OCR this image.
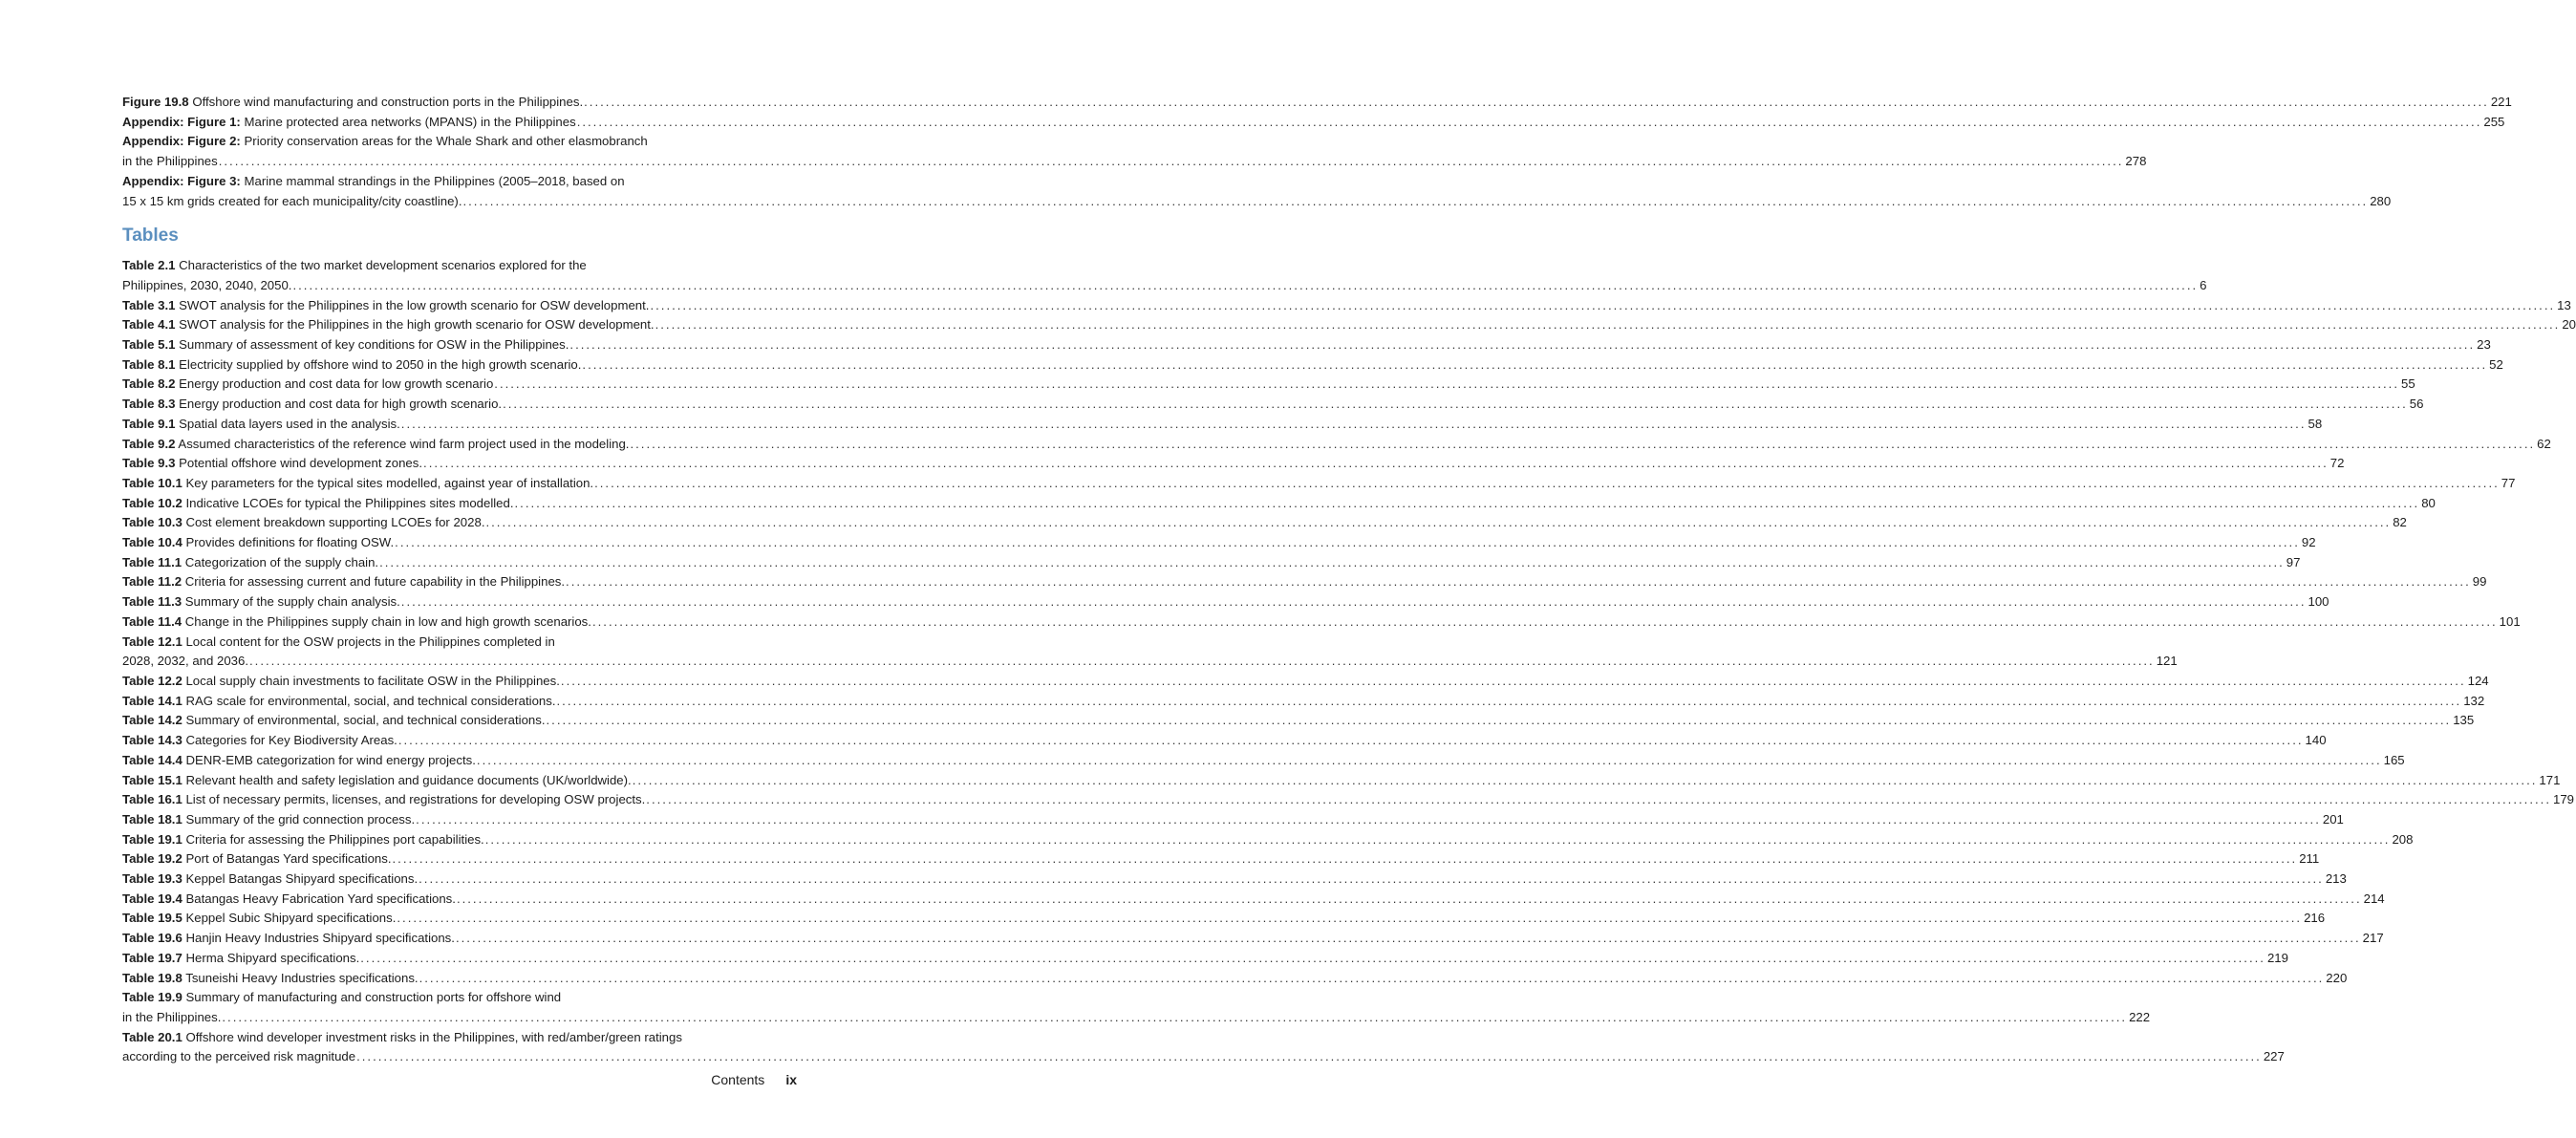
Figure 19.8 Offshore wind manufacturing and construction ports in the Philippines. .....	221
Appendix: Figure 1: Marine protected area networks (MPANS) in the Philippines .....	255
Appendix: Figure 2: Priority conservation areas for the Whale Shark and other elasmobranch
in the Philippines .....	278
Appendix: Figure 3: Marine mammal strandings in the Philippines (2005–2018, based on
15 x 15 km grids created for each municipality/city coastline). .....	280
Tables
Table 2.1 Characteristics of the two market development scenarios explored for the
Philippines, 2030, 2040, 2050. .....	6
Table 3.1 SWOT analysis for the Philippines in the low growth scenario for OSW development. .....	13
Table 4.1 SWOT analysis for the Philippines in the high growth scenario for OSW development. .....	20
Table 5.1 Summary of assessment of key conditions for OSW in the Philippines. .....	23
Table 8.1 Electricity supplied by offshore wind to 2050 in the high growth scenario. .....	52
Table 8.2 Energy production and cost data for low growth scenario .....	55
Table 8.3 Energy production and cost data for high growth scenario. .....	56
Table 9.1 Spatial data layers used in the analysis. .....	58
Table 9.2 Assumed characteristics of the reference wind farm project used in the modeling. .....	62
Table 9.3 Potential offshore wind development zones. .....	72
Table 10.1 Key parameters for the typical sites modelled, against year of installation. .....	77
Table 10.2 Indicative LCOEs for typical the Philippines sites modelled. .....	80
Table 10.3 Cost element breakdown supporting LCOEs for 2028. .....	82
Table 10.4 Provides definitions for floating OSW. .....	92
Table 11.1 Categorization of the supply chain. .....	97
Table 11.2 Criteria for assessing current and future capability in the Philippines. .....	99
Table 11.3 Summary of the supply chain analysis. .....	100
Table 11.4 Change in the Philippines supply chain in low and high growth scenarios. .....	101
Table 12.1 Local content for the OSW projects in the Philippines completed in
2028, 2032, and 2036. .....	121
Table 12.2 Local supply chain investments to facilitate OSW in the Philippines. .....	124
Table 14.1 RAG scale for environmental, social, and technical considerations. .....	132
Table 14.2 Summary of environmental, social, and technical considerations. .....	135
Table 14.3 Categories for Key Biodiversity Areas. .....	140
Table 14.4 DENR-EMB categorization for wind energy projects. .....	165
Table 15.1 Relevant health and safety legislation and guidance documents (UK/worldwide). .....	171
Table 16.1 List of necessary permits, licenses, and registrations for developing OSW projects. .....	179
Table 18.1 Summary of the grid connection process. .....	201
Table 19.1 Criteria for assessing the Philippines port capabilities. .....	208
Table 19.2 Port of Batangas Yard specifications. .....	211
Table 19.3 Keppel Batangas Shipyard specifications. .....	213
Table 19.4 Batangas Heavy Fabrication Yard specifications. .....	214
Table 19.5 Keppel Subic Shipyard specifications. .....	216
Table 19.6 Hanjin Heavy Industries Shipyard specifications. .....	217
Table 19.7 Herma Shipyard specifications. .....	219
Table 19.8 Tsuneishi Heavy Industries specifications. .....	220
Table 19.9 Summary of manufacturing and construction ports for offshore wind
in the Philippines. .....	222
Table 20.1 Offshore wind developer investment risks in the Philippines, with red/amber/green ratings
according to the perceived risk magnitude .....	227
Contents ix
